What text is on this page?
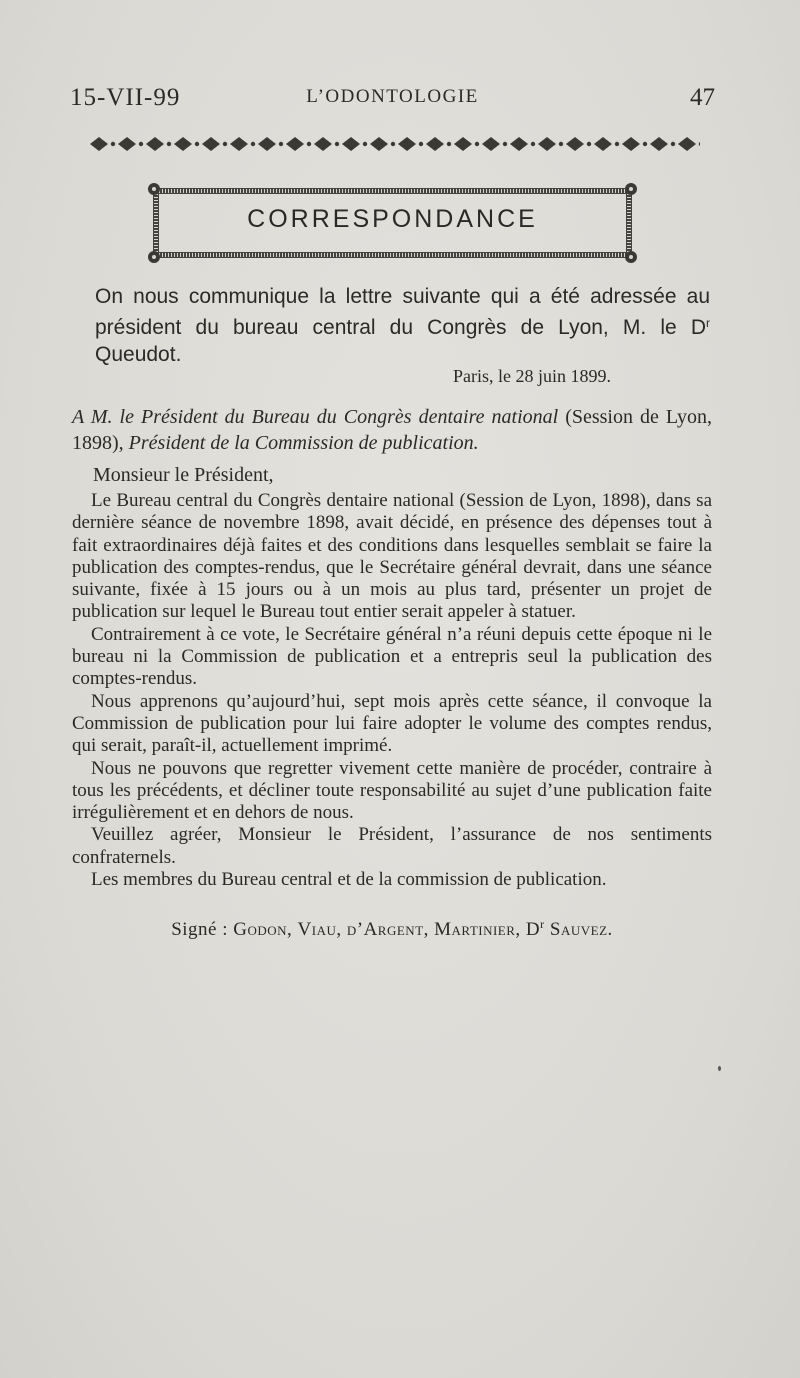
15-VII-99	L’ODONTOLOGIE	47
CORRESPONDANCE
On nous communique la lettre suivante qui a été adressée au président du bureau central du Congrès de Lyon, M. le $D^r$ Queudot.
Paris, le 28 juin 1899.
A M. le Président du Bureau du Congrès dentaire national (Session de Lyon, 1898), Président de la Commission de publication.
Monsieur le Président,

Le Bureau central du Congrès dentaire national (Session de Lyon, 1898), dans sa dernière séance de novembre 1898, avait décidé, en présence des dépenses tout à fait extraordinaires déjà faites et des conditions dans lesquelles semblait se faire la publication des comptes-rendus, que le Secrétaire général devrait, dans une séance suivante, fixée à 15 jours ou à un mois au plus tard, présenter un projet de publication sur lequel le Bureau tout entier serait appeler à statuer.

Contrairement à ce vote, le Secrétaire général n’a réuni depuis cette époque ni le bureau ni la Commission de publication et a entrepris seul la publication des comptes-rendus.

Nous apprenons qu’aujourd’hui, sept mois après cette séance, il convoque la Commission de publication pour lui faire adopter le volume des comptes rendus, qui serait, paraît-il, actuellement imprimé.

Nous ne pouvons que regretter vivement cette manière de procéder, contraire à tous les précédents, et décliner toute responsabilité au sujet d’une publication faite irrégulièrement et en dehors de nous.

Veuillez agréer, Monsieur le Président, l’assurance de nos sentiments confraternels.

Les membres du Bureau central et de la commission de publication.

Signé : Godon, Viau, d’Argent, Martinier, $D^r$ Sauvez.
